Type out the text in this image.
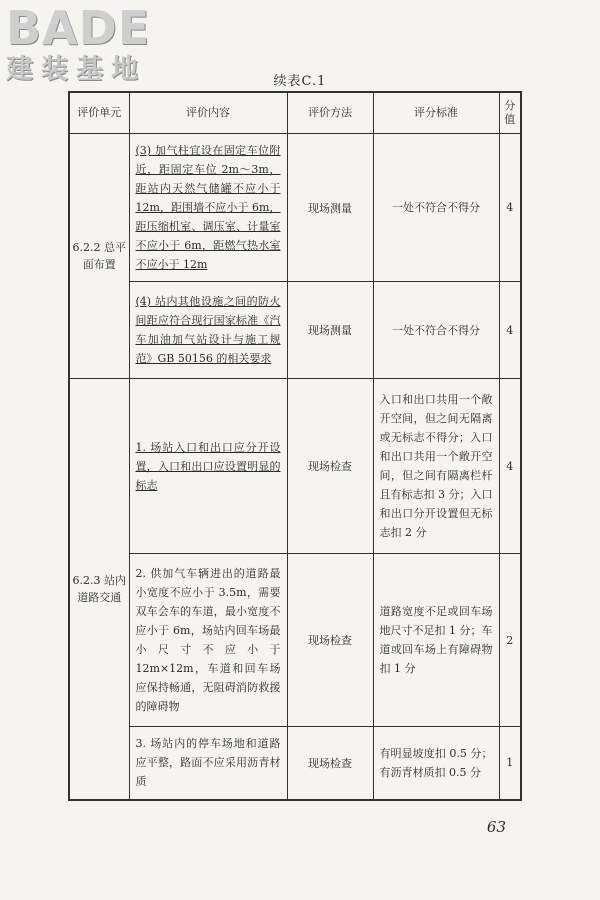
BADE
建装基地	续表C.1
评价单元	评价内容	评价方法	评分标准	分值
6.2.2 总平面布置	(3) 加气柱宜设在固定车位附近，距固定车位 2m～3m，距站内天然气储罐不应小于 12m，距围墙不应小于 6m，距压缩机室、调压室、计量室不应小于 6m，距燃气热水室不应小于 12m	现场测量	一处不符合不得分	4
	(4) 站内其他设施之间的防火间距应符合现行国家标准《汽车加油加气站设计与施工规范》GB 50156 的相关要求	现场测量	一处不符合不得分	4
6.2.3 站内道路交通	1. 场站入口和出口应分开设置，入口和出口应设置明显的标志	现场检查	入口和出口共用一个敞开空间，但之间无隔离或无标志不得分；入口和出口共用一个敞开空间，但之间有隔离栏杆且有标志扣 3 分；入口和出口分开设置但无标志扣 2 分	4
	2. 供加气车辆进出的道路最小宽度不应小于 3.5m，需要双车会车的车道，最小宽度不应小于 6m，场站内回车场最小尺寸不应小于 12m×12m，车道和回车场应保持畅通，无阻碍消防救援的障碍物	现场检查	道路宽度不足或回车场地尺寸不足扣 1 分；车道或回车场上有障碍物扣 1 分	2
	3. 场站内的停车场地和道路应平整，路面不应采用沥青材质	现场检查	有明显坡度扣 0.5 分；有沥青材质扣 0.5 分	1
63
